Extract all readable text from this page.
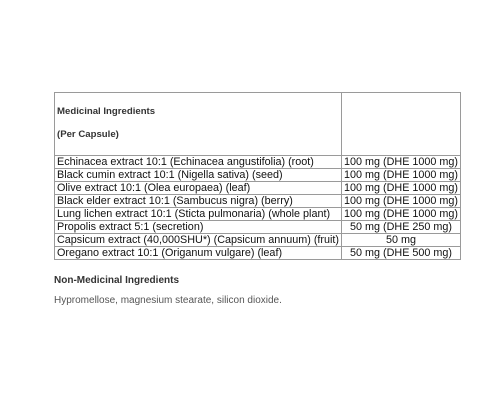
Medicinal Ingredients
(Per Capsule)	

Echinacea extract 10:1 (Echinacea angustifolia) (root)	100 mg (DHE 1000 mg)
Black cumin extract 10:1 (Nigella sativa) (seed)	100 mg (DHE 1000 mg)
Olive extract 10:1 (Olea europaea) (leaf)	100 mg (DHE 1000 mg)
Black elder extract 10:1 (Sambucus nigra) (berry)	100 mg (DHE 1000 mg)
Lung lichen extract 10:1 (Sticta pulmonaria) (whole plant)	100 mg (DHE 1000 mg)
Propolis extract 5:1 (secretion)	50 mg (DHE 250 mg)
Capsicum extract (40,000SHU*) (Capsicum annuum) (fruit)	50 mg
Oregano extract 10:1 (Origanum vulgare) (leaf)	50 mg (DHE 500 mg)
Non-Medicinal Ingredients

Hypromellose, magnesium stearate, silicon dioxide.
